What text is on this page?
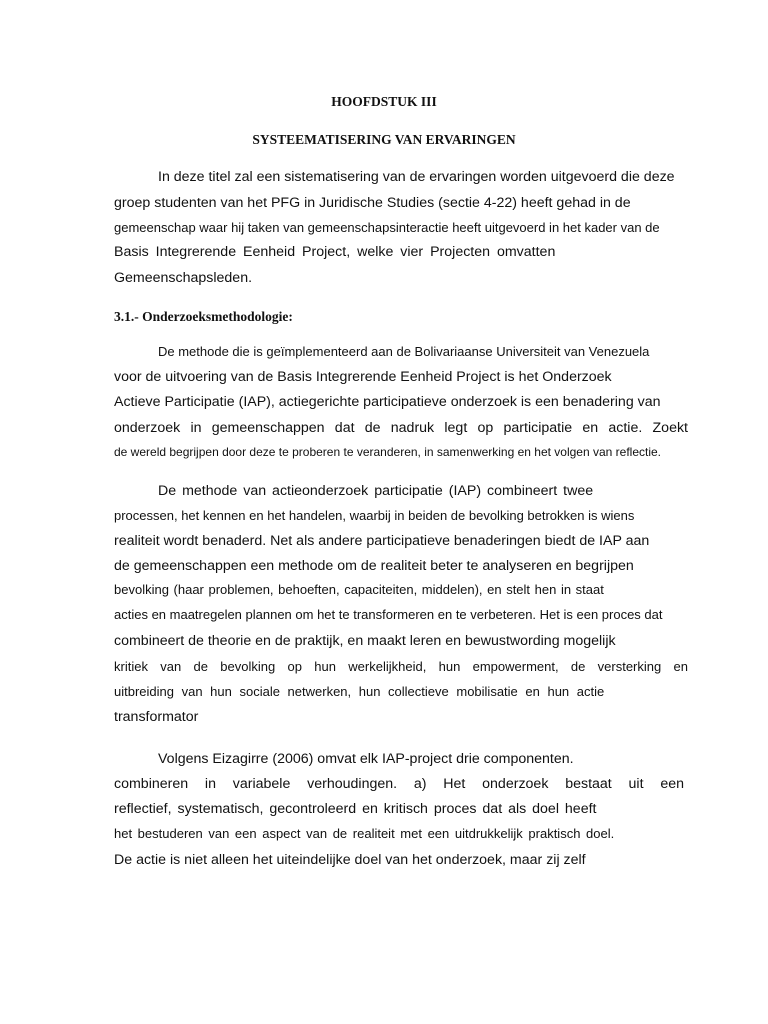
HOOFDSTUK III
SYSTEEMATISERING VAN ERVARINGEN
In deze titel zal een sistematisering van de ervaringen worden uitgevoerd die deze
groep studenten van het PFG in Juridische Studies (sectie 4-22) heeft gehad in de
gemeenschap waar hij taken van gemeenschapsinteractie heeft uitgevoerd in het kader van de
Basis Integrerende Eenheid Project, welke vier Projecten omvatten
Gemeenschapsleden.
3.1.- Onderzoeksmethodologie:
De methode die is geïmplementeerd aan de Bolivariaanse Universiteit van Venezuela
voor de uitvoering van de Basis Integrerende Eenheid Project is het Onderzoek
Actieve Participatie (IAP), actiegerichte participatieve onderzoek is een benadering van
onderzoek in gemeenschappen dat de nadruk legt op participatie en actie. Zoekt
de wereld begrijpen door deze te proberen te veranderen, in samenwerking en het volgen van reflectie.
De methode van actieonderzoek participatie (IAP) combineert twee
processen, het kennen en het handelen, waarbij in beiden de bevolking betrokken is wiens
realiteit wordt benaderd. Net als andere participatieve benaderingen biedt de IAP aan
de gemeenschappen een methode om de realiteit beter te analyseren en begrijpen
bevolking (haar problemen, behoeften, capaciteiten, middelen), en stelt hen in staat
acties en maatregelen plannen om het te transformeren en te verbeteren. Het is een proces dat
combineert de theorie en de praktijk, en maakt leren en bewustwording mogelijk
kritiek van de bevolking op hun werkelijkheid, hun empowerment, de versterking en
uitbreiding van hun sociale netwerken, hun collectieve mobilisatie en hun actie
transformator
Volgens Eizagirre (2006) omvat elk IAP-project drie componenten.
combineren in variabele verhoudingen. a) Het onderzoek bestaat uit een
reflectief, systematisch, gecontroleerd en kritisch proces dat als doel heeft
het bestuderen van een aspect van de realiteit met een uitdrukkelijk praktisch doel.
De actie is niet alleen het uiteindelijke doel van het onderzoek, maar zij zelf
